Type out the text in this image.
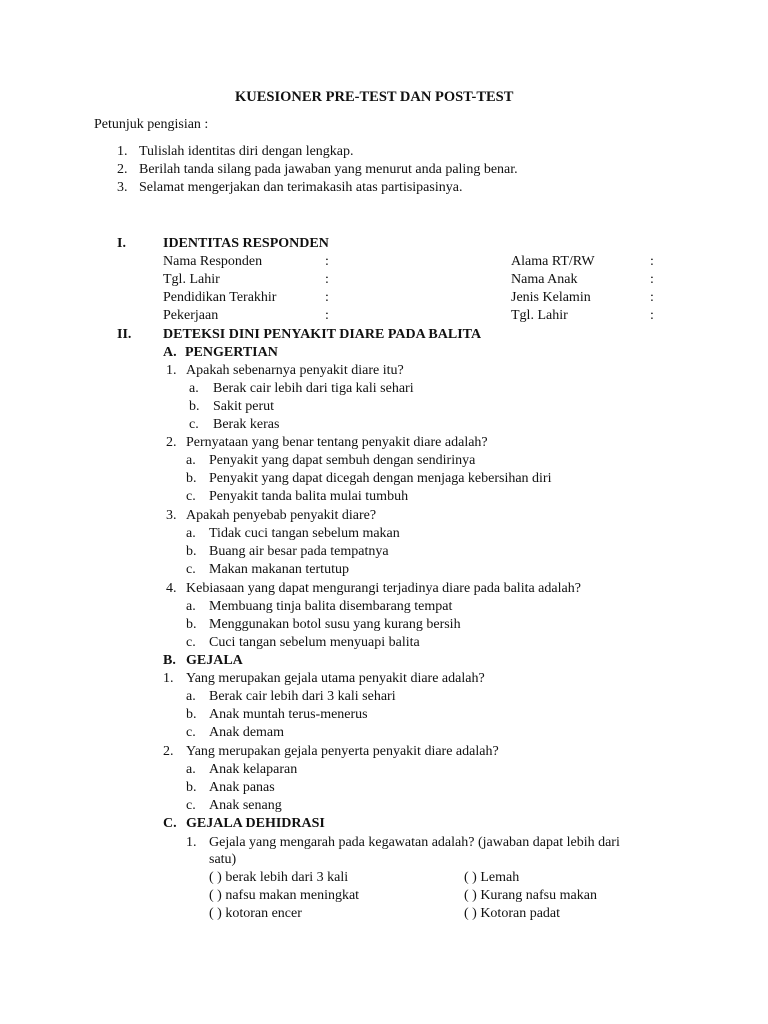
KUESIONER PRE-TEST DAN POST-TEST
Petunjuk pengisian :
1. Tulislah identitas diri dengan lengkap.
2. Berilah tanda silang pada jawaban yang menurut anda paling benar.
3. Selamat mengerjakan dan terimakasih atas partisipasinya.
I.	IDENTITAS RESPONDEN
Nama Responden	:	Alama RT/RW	:
Tgl. Lahir	:	Nama Anak	:
Pendidikan Terakhir	:	Jenis Kelamin	:
Pekerjaan	:	Tgl. Lahir	:
II. DETEKSI DINI PENYAKIT DIARE PADA BALITA
A. PENGERTIAN
1. Apakah sebenarnya penyakit diare itu?
a. Berak cair lebih dari tiga kali sehari
b. Sakit perut
c. Berak keras
2. Pernyataan yang benar tentang penyakit diare adalah?
a. Penyakit yang dapat sembuh dengan sendirinya
b. Penyakit yang dapat dicegah dengan menjaga kebersihan diri
c. Penyakit tanda balita mulai tumbuh
3. Apakah penyebab penyakit diare?
a. Tidak cuci tangan sebelum makan
b. Buang air besar pada tempatnya
c. Makan makanan tertutup
4. Kebiasaan yang dapat mengurangi terjadinya diare pada balita adalah?
a. Membuang tinja balita disembarang tempat
b. Menggunakan botol susu yang kurang bersih
c. Cuci tangan sebelum menyuapi balita
B. GEJALA
1. Yang merupakan gejala utama penyakit diare adalah?
a. Berak cair lebih dari 3 kali sehari
b. Anak muntah terus-menerus
c. Anak demam
2. Yang merupakan gejala penyerta penyakit diare adalah?
a. Anak kelaparan
b. Anak panas
c. Anak senang
C. GEJALA DEHIDRASI
1. Gejala yang mengarah pada kegawatan adalah? (jawaban dapat lebih dari
satu)
( ) berak lebih dari 3 kali	( ) Lemah
( ) nafsu makan meningkat	( ) Kurang nafsu makan
( ) kotoran encer	( ) Kotoran padat
